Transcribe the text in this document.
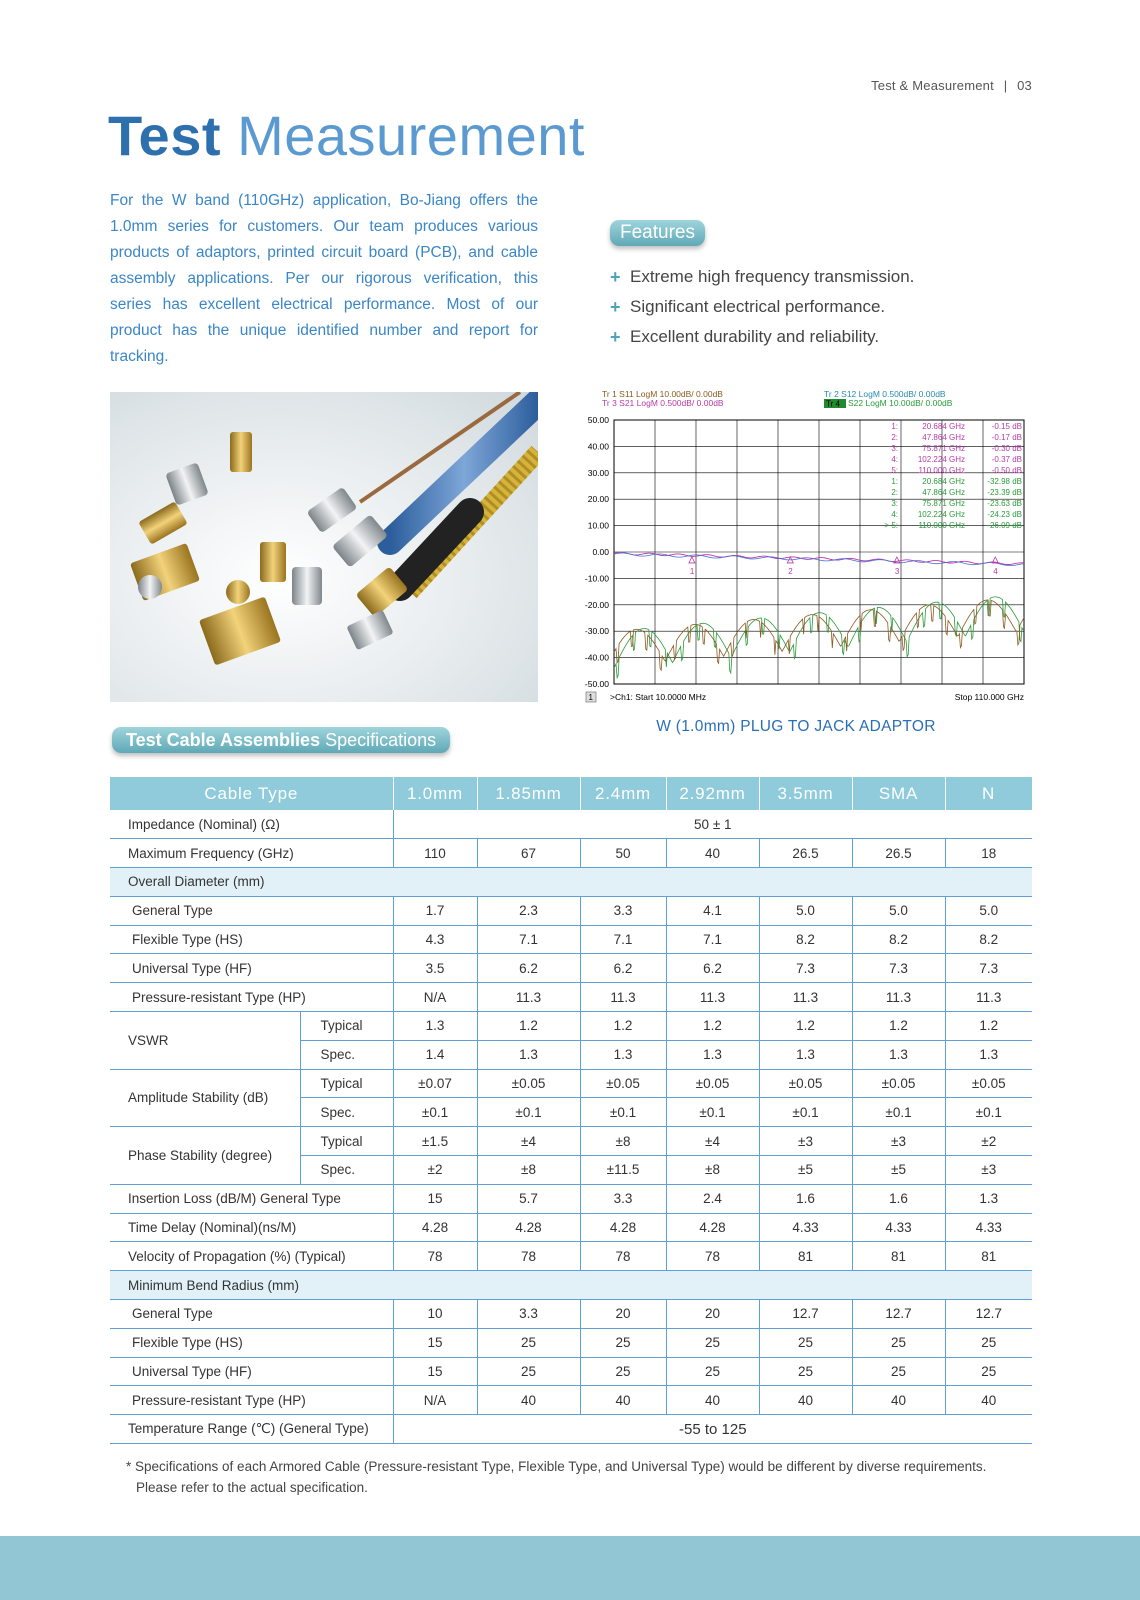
Test & Measurement | 03
Test Measurement

For the W band (110GHz) application, Bo-Jiang offers the 1.0mm series for customers. Our team produces various products of adaptors, printed circuit board (PCB), and cable assembly applications. Per our rigorous verification, this series has excellent electrical performance. Most of our product has the unique identified number and report for tracking.

Features
+ Extreme high frequency transmission.
+ Significant electrical performance.
+ Excellent durability and reliability.
Tr 1 S11 LogM 10.00dB/ 0.00dB
Tr 3 S21 LogM 0.500dB/ 0.00dB
Tr 2 S12 LogM 0.500dB/ 0.00dB
Tr 4 S22 LogM 10.00dB/ 0.00dB
50.00
40.00
30.00
20.00
10.00
0.00
-10.00
-20.00
-30.00
-40.00
-50.00
1	2	3	4
1:	20.684 GHz	-0.15 dB
2:	47.864 GHz	-0.17 dB
3:	75.871 GHz	-0.30 dB
4: 102.224 GHz	-0.37 dB
5:	110.000 GHz	-0.50 dB
1:	20.684 GHz	-32.98 dB
2:	47.864 GHz	-23.39 dB
3:	75.871 GHz	-23.63 dB
4: 102.224 GHz	-24.23 dB
> 5:	110.000 GHz	-26.09 dB
1 >Ch1: Start 10.0000 MHz	Stop 110.000 GHz
W (1.0mm) PLUG TO JACK ADAPTOR
Test Cable Assemblies Specifications
Cable Type		1.0mm	1.85mm	2.4mm	2.92mm	3.5mm	SMA	N
Impedance (Nominal) (Ω)		50 ± 1						
Maximum Frequency (GHz)		110	67	50	40	26.5	26.5	18
Overall Diameter (mm)								
General Type		1.7	2.3	3.3	4.1	5.0	5.0	5.0
Flexible Type (HS)		4.3	7.1	7.1	7.1	8.2	8.2	8.2
Universal Type (HF)		3.5	6.2	6.2	6.2	7.3	7.3	7.3
Pressure-resistant Type (HP)		N/A	11.3	11.3	11.3	11.3	11.3	11.3
VSWR	Typical	1.3	1.2	1.2	1.2	1.2	1.2	1.2
	Spec.	1.4	1.3	1.3	1.3	1.3	1.3	1.3
Amplitude Stability (dB)	Typical	±0.07	±0.05	±0.05	±0.05	±0.05	±0.05	±0.05
	Spec.	±0.1	±0.1	±0.1	±0.1	±0.1	±0.1	±0.1
Phase Stability (degree)	Typical	±1.5	±4	±8	±4	±3	±3	±2
	Spec.	±2	±8	±11.5	±8	±5	±5	±3
Insertion Loss (dB/M) General Type		15	5.7	3.3	2.4	1.6	1.6	1.3
Time Delay (Nominal)(ns/M)		4.28	4.28	4.28	4.28	4.33	4.33	4.33
Velocity of Propagation (%) (Typical)		78	78	78	78	81	81	81
Minimum Bend Radius (mm)								
General Type		10	3.3	20	20	12.7	12.7	12.7
Flexible Type (HS)		15	25	25	25	25	25	25
Universal Type (HF)		15	25	25	25	25	25	25
Pressure-resistant Type (HP)		N/A	40	40	40	40	40	40
Temperature Range (℃) (General Type)		-55 to 125						
* Specifications of each Armored Cable (Pressure-resistant Type, Flexible Type, and Universal Type) would be different by diverse requirements.
Please refer to the actual specification.
